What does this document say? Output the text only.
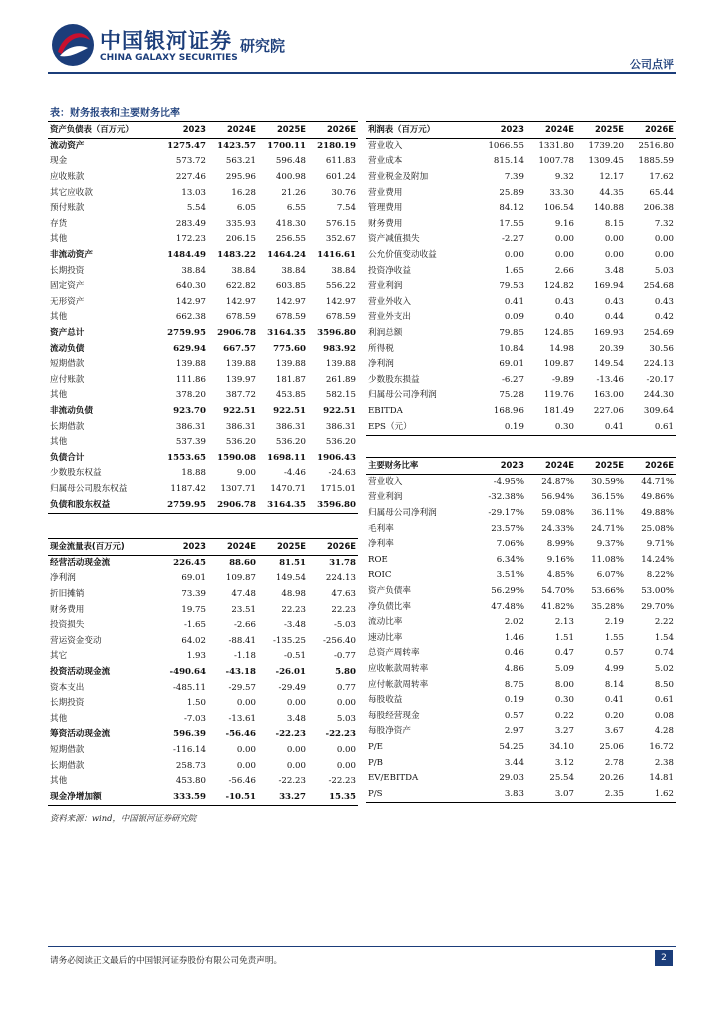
中国银河证券
CHINA GALAXY SECURITIES
研究院
公司点评
表：财务报表和主要财务比率
资产负债表（百万元）	2023	2024E	2025E	2026E
流动资产	1275.47	1423.57	1700.11	2180.19
现金	573.72	563.21	596.48	611.83
应收账款	227.46	295.96	400.98	601.24
其它应收款	13.03	16.28	21.26	30.76
预付账款	5.54	6.05	6.55	7.54
存货	283.49	335.93	418.30	576.15
其他	172.23	206.15	256.55	352.67
非流动资产	1484.49	1483.22	1464.24	1416.61
长期投资	38.84	38.84	38.84	38.84
固定资产	640.30	622.82	603.85	556.22
无形资产	142.97	142.97	142.97	142.97
其他	662.38	678.59	678.59	678.59
资产总计	2759.95	2906.78	3164.35	3596.80
流动负债	629.94	667.57	775.60	983.92
短期借款	139.88	139.88	139.88	139.88
应付账款	111.86	139.97	181.87	261.89
其他	378.20	387.72	453.85	582.15
非流动负债	923.70	922.51	922.51	922.51
长期借款	386.31	386.31	386.31	386.31
其他	537.39	536.20	536.20	536.20
负债合计	1553.65	1590.08	1698.11	1906.43
少数股东权益	18.88	9.00	-4.46	-24.63
归属母公司股东权益	1187.42	1307.71	1470.71	1715.01
负债和股东权益	2759.95	2906.78	3164.35	3596.80
利润表（百万元）	2023	2024E	2025E	2026E
营业收入	1066.55	1331.80	1739.20	2516.80
营业成本	815.14	1007.78	1309.45	1885.59
营业税金及附加	7.39	9.32	12.17	17.62
营业费用	25.89	33.30	44.35	65.44
管理费用	84.12	106.54	140.88	206.38
财务费用	17.55	9.16	8.15	7.32
资产减值损失	-2.27	0.00	0.00	0.00
公允价值变动收益	0.00	0.00	0.00	0.00
投资净收益	1.65	2.66	3.48	5.03
营业利润	79.53	124.82	169.94	254.68
营业外收入	0.41	0.43	0.43	0.43
营业外支出	0.09	0.40	0.44	0.42
利润总额	79.85	124.85	169.93	254.69
所得税	10.84	14.98	20.39	30.56
净利润	69.01	109.87	149.54	224.13
少数股东损益	-6.27	-9.89	-13.46	-20.17
归属母公司净利润	75.28	119.76	163.00	244.30
EBITDA	168.96	181.49	227.06	309.64
EPS（元）	0.19	0.30	0.41	0.61
现金流量表(百万元)	2023	2024E	2025E	2026E
经营活动现金流	226.45	88.60	81.51	31.78
净利润	69.01	109.87	149.54	224.13
折旧摊销	73.39	47.48	48.98	47.63
财务费用	19.75	23.51	22.23	22.23
投资损失	-1.65	-2.66	-3.48	-5.03
营运资金变动	64.02	-88.41	-135.25	-256.40
其它	1.93	-1.18	-0.51	-0.77
投资活动现金流	-490.64	-43.18	-26.01	5.80
资本支出	-485.11	-29.57	-29.49	0.77
长期投资	1.50	0.00	0.00	0.00
其他	-7.03	-13.61	3.48	5.03
筹资活动现金流	596.39	-56.46	-22.23	-22.23
短期借款	-116.14	0.00	0.00	0.00
长期借款	258.73	0.00	0.00	0.00
其他	453.80	-56.46	-22.23	-22.23
现金净增加额	333.59	-10.51	33.27	15.35
主要财务比率	2023	2024E	2025E	2026E
营业收入	-4.95%	24.87%	30.59%	44.71%
营业利润	-32.38%	56.94%	36.15%	49.86%
归属母公司净利润	-29.17%	59.08%	36.11%	49.88%
毛利率	23.57%	24.33%	24.71%	25.08%
净利率	7.06%	8.99%	9.37%	9.71%
ROE	6.34%	9.16%	11.08%	14.24%
ROIC	3.51%	4.85%	6.07%	8.22%
资产负债率	56.29%	54.70%	53.66%	53.00%
净负债比率	47.48%	41.82%	35.28%	29.70%
流动比率	2.02	2.13	2.19	2.22
速动比率	1.46	1.51	1.55	1.54
总资产周转率	0.46	0.47	0.57	0.74
应收帐款周转率	4.86	5.09	4.99	5.02
应付帐款周转率	8.75	8.00	8.14	8.50
每股收益	0.19	0.30	0.41	0.61
每股经营现金	0.57	0.22	0.20	0.08
每股净资产	2.97	3.27	3.67	4.28
P/E	54.25	34.10	25.06	16.72
P/B	3.44	3.12	2.78	2.38
EV/EBITDA	29.03	25.54	20.26	14.81
P/S	3.83	3.07	2.35	1.62
资料来源：wind，中国银河证券研究院
请务必阅读正文最后的中国银河证券股份有限公司免责声明。	2
